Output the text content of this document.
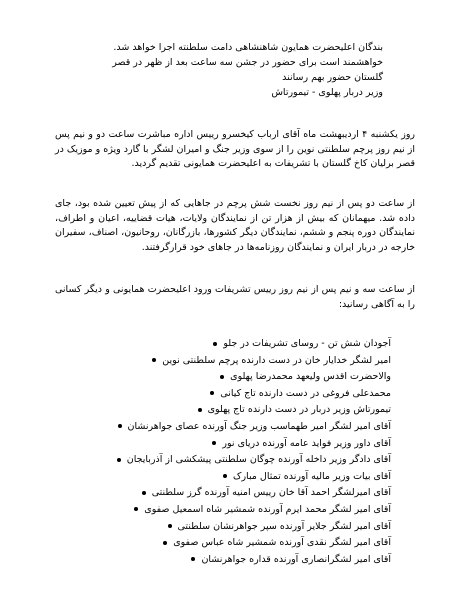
بندگان اعلیحضرت همایون شاهنشاهی دامت سلطنته اجرا خواهد شد.
خواهشمند است برای حضور در جشن سه ساعت بعد از ظهر در قصر
گلستان حضور بهم رسانند
وزیر دربار پهلوی - تیمورتاش
روز یکشنبه ۴ اردیبهشت ماه آقای ارباب کیخسرو رییس اداره مباشرت ساعت دو و نیم پس از نیم روز پرچم سلطنتی نوین را از سوی وزیر جنگ و امیران لشگر با گارد ویژه و موزیک در قصر برلیان کاخ گلستان با تشریفات به اعلیحضرت همایونی تقدیم گردید.
از ساعت دو پس از نیم روز نخست شش پرچم در جاهایی که از پیش تعیین شده بود، جای داده شد. میهمانان که بیش از هزار تن از نمایندگان ولایات، هیات قضاییه، اعیان و اطراف، نمایندگان دوره پنجم و ششم، نمایندگان دیگر کشورها، بازرگانان، روحانیون، اصناف، سفیران خارجه در دربار ایران و نمایندگان روزنامه‌ها در جاهای خود قرارگرفتند.
از ساعت سه و نیم پس از نیم روز رییس تشریفات ورود اعلیحضرت همایونی و دیگر کسانی را به آگاهی رسانید:
آجودان شش تن - روسای تشریفات در جلو
امیر لشگر خدایار خان در دست دارنده پرچم سلطنتی نوین
والاحضرت اقدس ولیعهد محمدرضا پهلوی
محمدعلی فروغی در دست دارنده تاج کیانی
تیمورتاش وزیر دربار در دست دارنده تاج پهلوی
آقای امیر لشگر امیر طهماسب وزیر جنگ آورنده عصای جواهرنشان
آقای داور وزیر فواید عامه آورنده دریای نور
آقای دادگر وزیر داخله آورنده چوگان سلطنتی پیشکشی از آذربایجان
آقای بیات وزیر مالیه آورنده تمثال مبارک
آقای امیرلشگر احمد آقا خان رییس امنیه آورنده گرز سلطنتی
آقای امیر لشگر محمد ایرم آورنده شمشیر شاه اسمعیل صفوی
آقای امیر لشگر جلایر آورنده سپر جواهرنشان سلطنتی
آقای امیر لشگر نقدی آورنده شمشیر شاه عباس صفوی
آقای امیر لشگرانصاری آورنده قداره جواهرنشان
